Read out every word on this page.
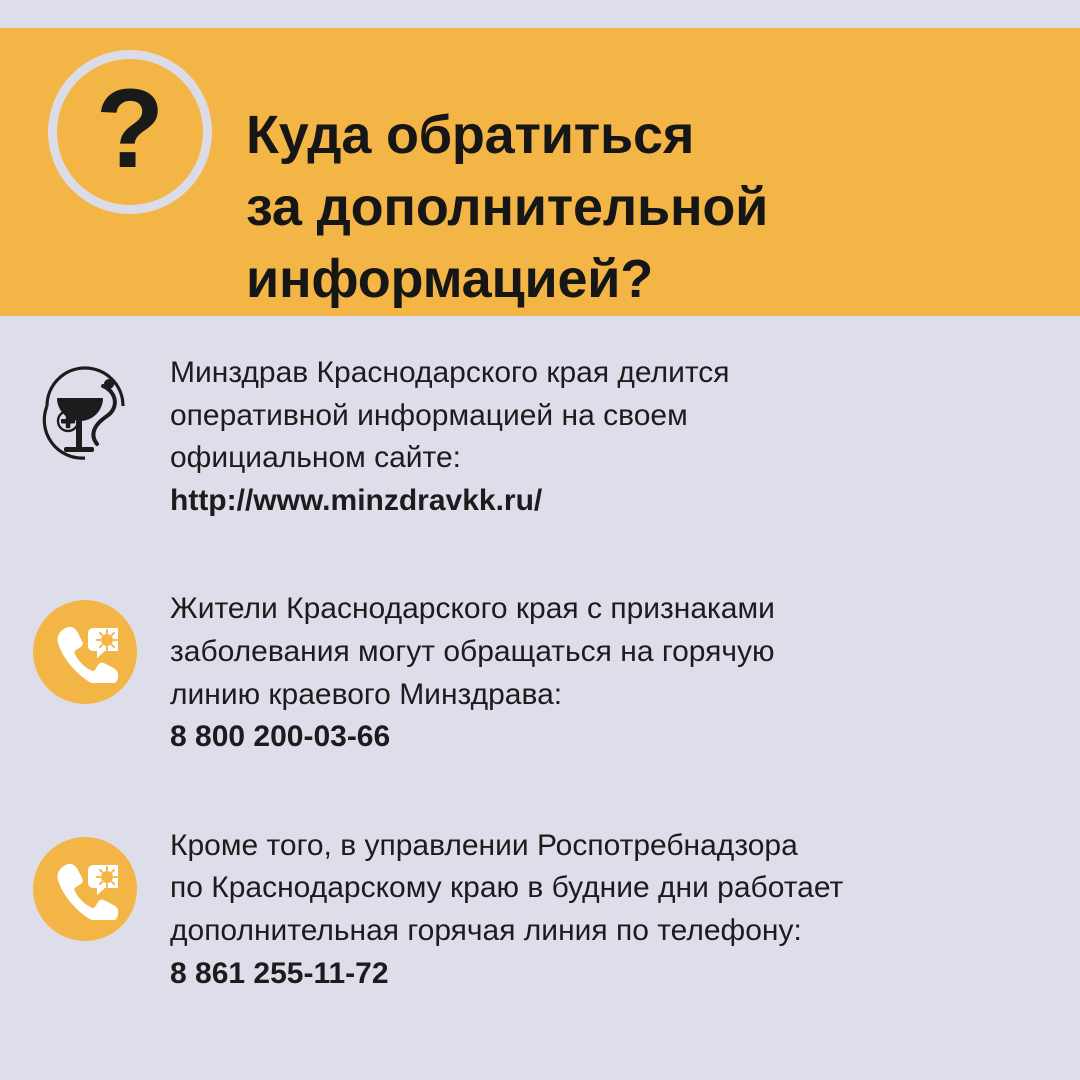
? Куда обратиться
за дополнительной
информацией?

Минздрав Краснодарского края делится

оперативной информацией на своем

официальном сайте:

http://www.minzdravkk.ru/

Жители Краснодарского края с признаками

заболевания могут обращаться на горячую

линию краевого Минздрава:

8 800 200-03-66

Кроме того, в управлении Роспотребнадзора

по Краснодарскому краю в будние дни работает

дополнительная горячая линия по телефону:

8 861 255-11-72
